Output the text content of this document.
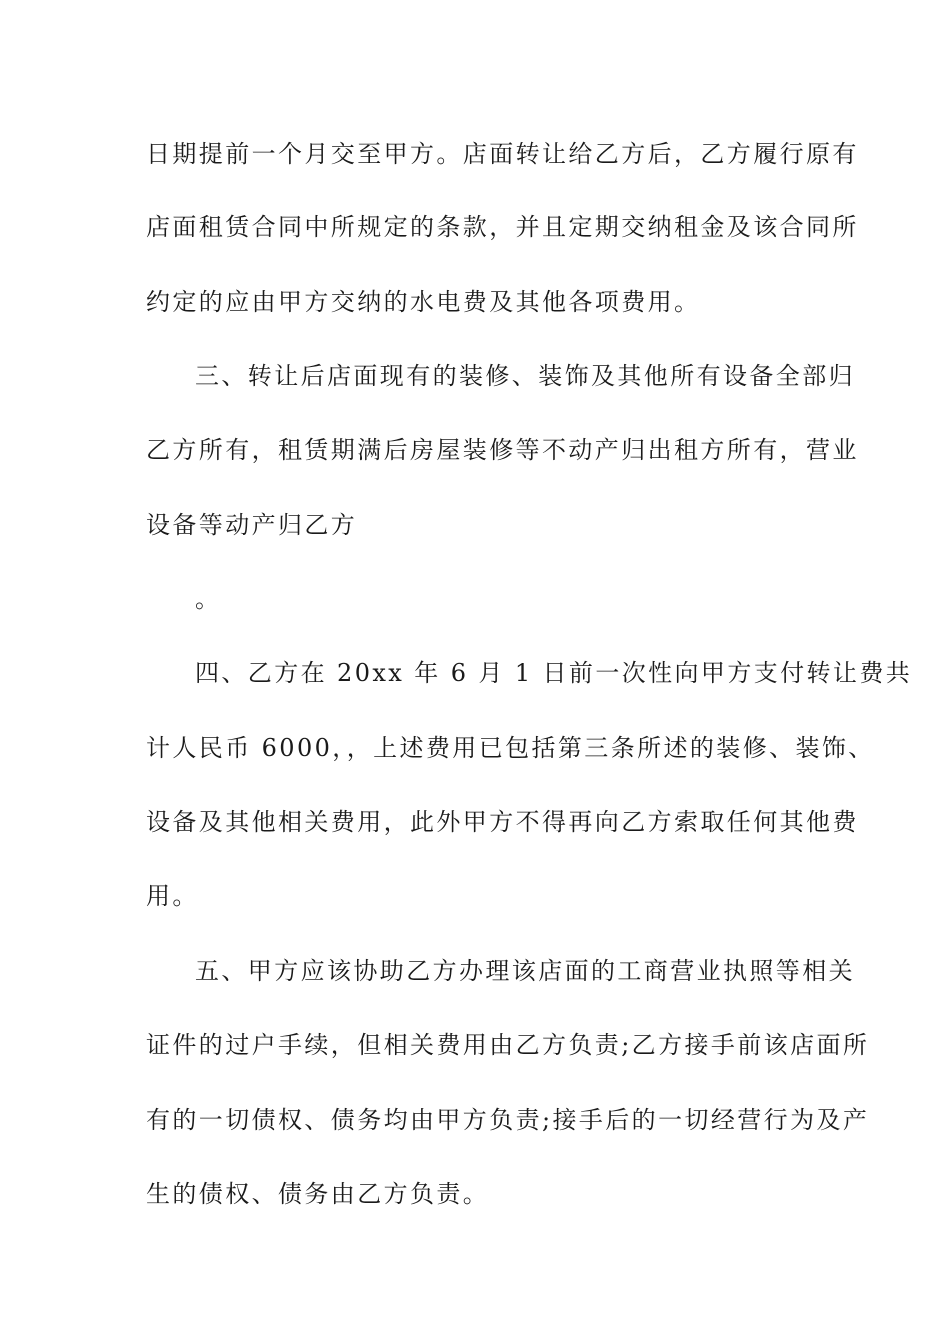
日期提前一个月交至甲方。店面转让给乙方后，乙方履行原有
店面租赁合同中所规定的条款，并且定期交纳租金及该合同所
约定的应由甲方交纳的水电费及其他各项费用。
三、转让后店面现有的装修、装饰及其他所有设备全部归
乙方所有，租赁期满后房屋装修等不动产归出租方所有，营业
设备等动产归乙方
。
四、乙方在 20xx 年 6 月 1 日前一次性向甲方支付转让费共
计人民币 6000，，上述费用已包括第三条所述的装修、装饰、
设备及其他相关费用，此外甲方不得再向乙方索取任何其他费
用。
五、甲方应该协助乙方办理该店面的工商营业执照等相关
证件的过户手续，但相关费用由乙方负责;乙方接手前该店面所
有的一切债权、债务均由甲方负责;接手后的一切经营行为及产
生的债权、债务由乙方负责。
